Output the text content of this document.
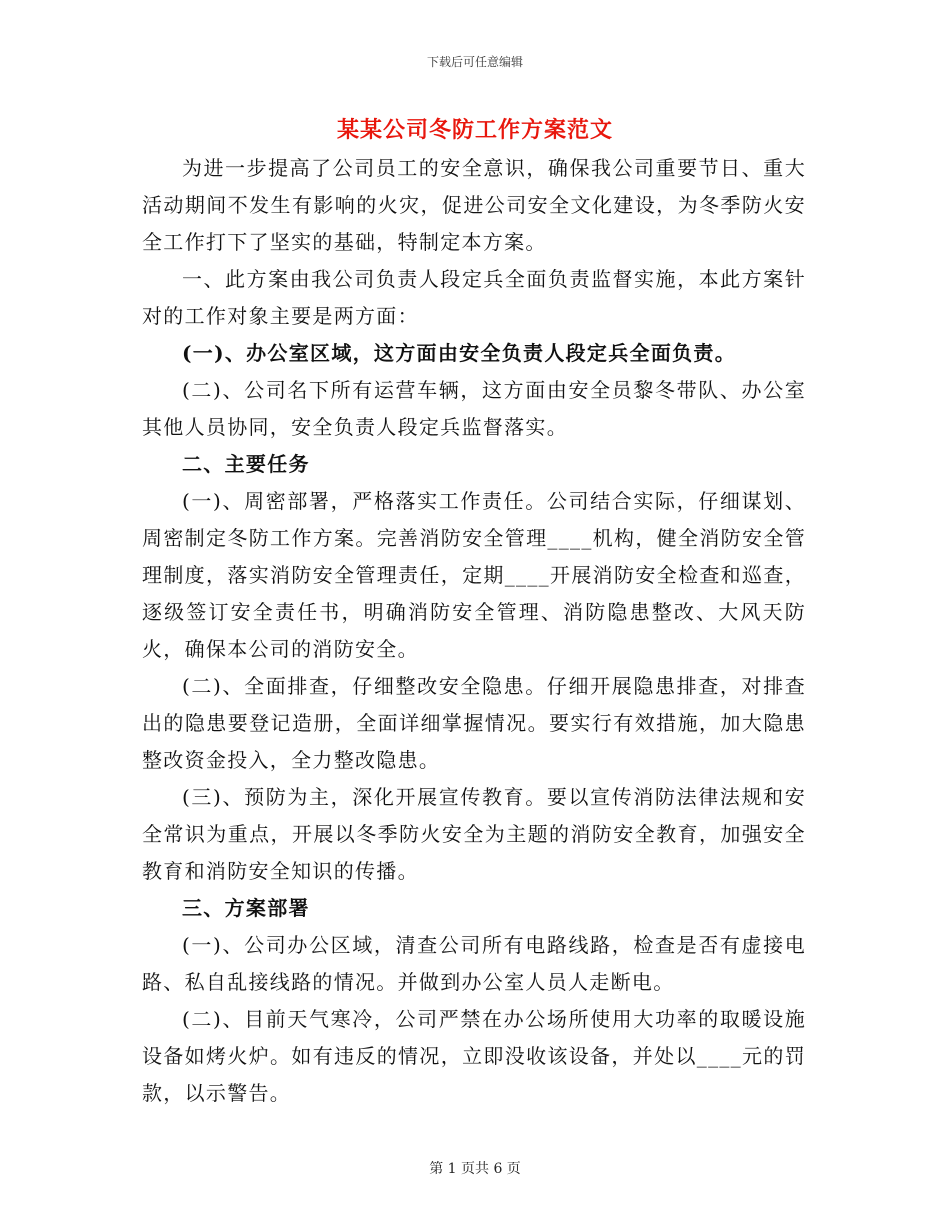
下载后可任意编辑
某某公司冬防工作方案范文

为进一步提高了公司员工的安全意识，确保我公司重要节日、重大活动期间不发生有影响的火灾，促进公司安全文化建设，为冬季防火安全工作打下了坚实的基础，特制定本方案。

一、此方案由我公司负责人段定兵全面负责监督实施，本此方案针对的工作对象主要是两方面：

(一)、办公室区域，这方面由安全负责人段定兵全面负责。

(二)、公司名下所有运营车辆，这方面由安全员黎冬带队、办公室其他人员协同，安全负责人段定兵监督落实。

二、主要任务

(一)、周密部署，严格落实工作责任。公司结合实际，仔细谋划、周密制定冬防工作方案。完善消防安全管理____机构，健全消防安全管理制度，落实消防安全管理责任，定期____开展消防安全检查和巡查，逐级签订安全责任书，明确消防安全管理、消防隐患整改、大风天防火，确保本公司的消防安全。

(二)、全面排查，仔细整改安全隐患。仔细开展隐患排查，对排查出的隐患要登记造册，全面详细掌握情况。要实行有效措施，加大隐患整改资金投入，全力整改隐患。

(三)、预防为主，深化开展宣传教育。要以宣传消防法律法规和安全常识为重点，开展以冬季防火安全为主题的消防安全教育，加强安全教育和消防安全知识的传播。

三、方案部署

(一)、公司办公区域，清查公司所有电路线路，检查是否有虚接电路、私自乱接线路的情况。并做到办公室人员人走断电。

(二)、目前天气寒冷，公司严禁在办公场所使用大功率的取暖设施设备如烤火炉。如有违反的情况，立即没收该设备，并处以____元的罚款，以示警告。

第 1 页共 6 页
